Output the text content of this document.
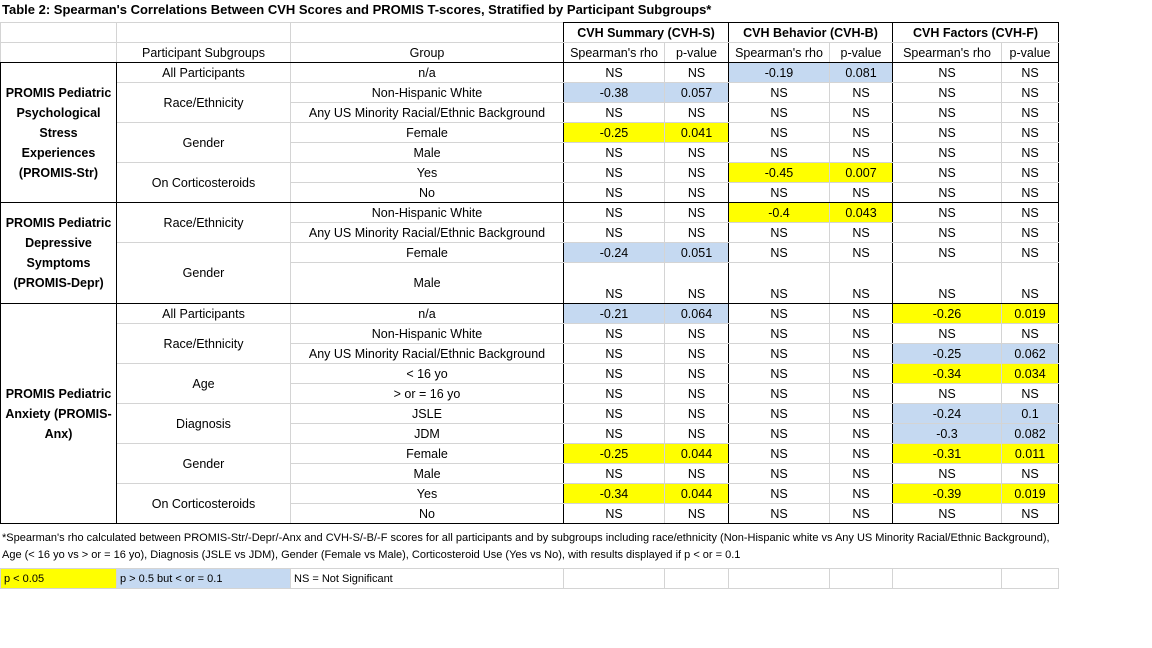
Table 2: Spearman's Correlations Between CVH Scores and PROMIS T-scores, Stratified by Participant Subgroups*
			CVH Summary (CVH-S)		CVH Behavior (CVH-B)		CVH Factors (CVH-F)	
	Participant Subgroups	Group	Spearman's rho	p-value	Spearman's rho	p-value	Spearman's rho	p-value
PROMIS Pediatric Psychological Stress Experiences (PROMIS-Str)	All Participants	n/a	NS	NS	-0.19	0.081	NS	NS
	Race/Ethnicity	Non-Hispanic White	-0.38	0.057	NS	NS	NS	NS
		Any US Minority Racial/Ethnic Background	NS	NS	NS	NS	NS	NS
	Gender	Female	-0.25	0.041	NS	NS	NS	NS
		Male	NS	NS	NS	NS	NS	NS
	On Corticosteroids	Yes	NS	NS	-0.45	0.007	NS	NS
		No	NS	NS	NS	NS	NS	NS
PROMIS Pediatric Depressive Symptoms (PROMIS-Depr)	Race/Ethnicity	Non-Hispanic White	NS	NS	-0.4	0.043	NS	NS
		Any US Minority Racial/Ethnic Background	NS	NS	NS	NS	NS	NS
	Gender	Female	-0.24	0.051	NS	NS	NS	NS
		Male	NS	NS	NS	NS	NS	NS
PROMIS Pediatric Anxiety (PROMIS-Anx)	All Participants	n/a	-0.21	0.064	NS	NS	-0.26	0.019
	Race/Ethnicity	Non-Hispanic White	NS	NS	NS	NS	NS	NS
		Any US Minority Racial/Ethnic Background	NS	NS	NS	NS	-0.25	0.062
	Age	< 16 yo	NS	NS	NS	NS	-0.34	0.034
		> or = 16 yo	NS	NS	NS	NS	NS	NS
	Diagnosis	JSLE	NS	NS	NS	NS	-0.24	0.1
		JDM	NS	NS	NS	NS	-0.3	0.082
	Gender	Female	-0.25	0.044	NS	NS	-0.31	0.011
		Male	NS	NS	NS	NS	NS	NS
	On Corticosteroids	Yes	-0.34	0.044	NS	NS	-0.39	0.019
		No	NS	NS	NS	NS	NS	NS
*Spearman's rho calculated between PROMIS-Str/-Depr/-Anx and CVH-S/-B/-F scores for all participants and by subgroups including race/ethnicity (Non-Hispanic white vs Any US Minority Racial/Ethnic Background), Age (< 16 yo vs > or = 16 yo), Diagnosis (JSLE vs JDM), Gender (Female vs Male), Corticosteroid Use (Yes vs No), with results displayed if p < or = 0.1
p < 0.05	p > 0.5 but < or = 0.1	NS = Not Significant						
